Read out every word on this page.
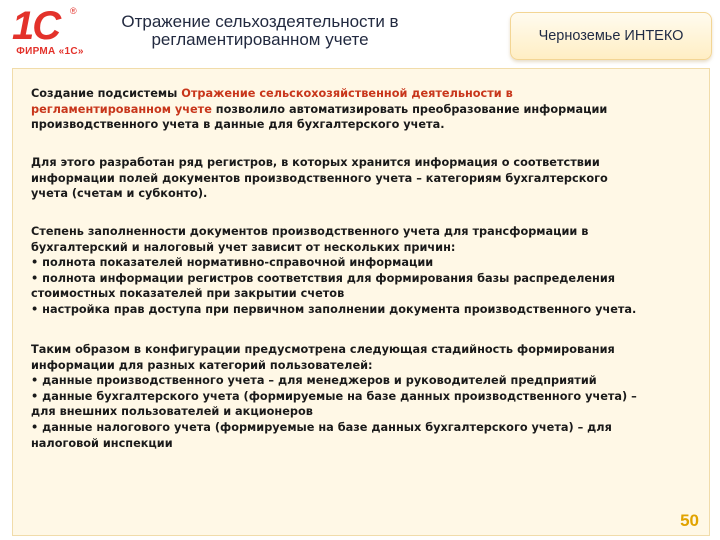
1С	®
ФИРМА «1С»
Отражение сельхоздеятельности в
регламентированном учете	Черноземье ИНТЕКО
Создание подсистемы Отражение сельскохозяйственной деятельности в
регламентированном учете позволило автоматизировать преобразование информации
производственного учета в данные для бухгалтерского учета.
Для этого разработан ряд регистров, в которых хранится информация о соответствии
информации полей документов производственного учета – категориям бухгалтерского
учета (счетам и субконто).
Степень заполненности документов производственного учета для трансформации в
бухгалтерский и налоговый учет зависит от нескольких причин:
• полнота показателей нормативно-справочной информации
• полнота информации регистров соответствия для формирования базы распределения
стоимостных показателей при закрытии счетов
• настройка прав доступа при первичном заполнении документа производственного учета.
Таким образом в конфигурации предусмотрена следующая стадийность формирования
информации для разных категорий пользователей:
• данные производственного учета – для менеджеров и руководителей предприятий
• данные бухгалтерского учета (формируемые на базе данных производственного учета) –
для внешних пользователей и акционеров
• данные налогового учета (формируемые на базе данных бухгалтерского учета) – для
налоговой инспекции
50
